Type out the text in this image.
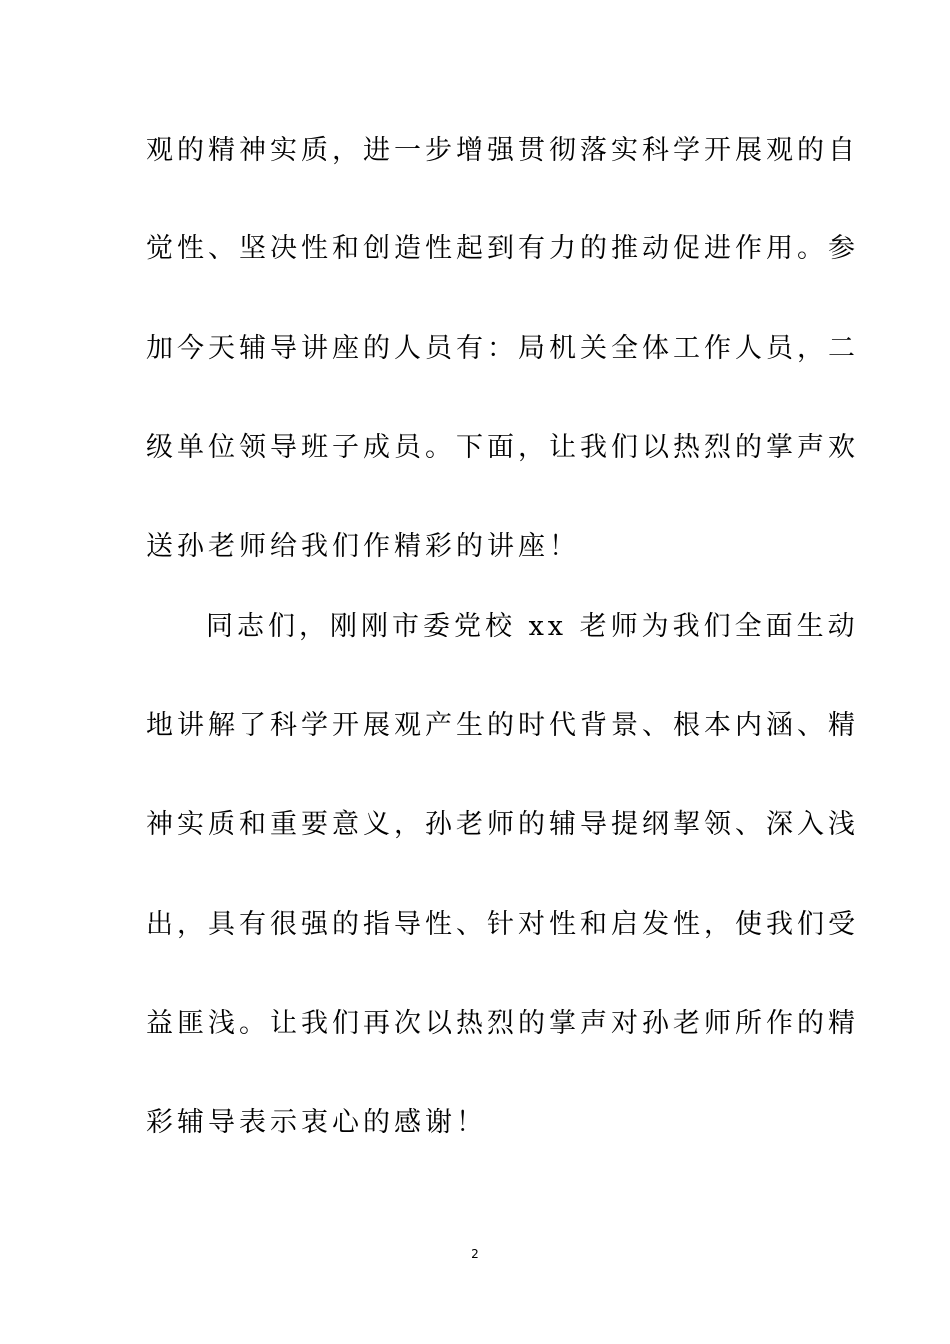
观的精神实质，进一步增强贯彻落实科学开展观的自
觉性、坚决性和创造性起到有力的推动促进作用。参
加今天辅导讲座的人员有：局机关全体工作人员，二
级单位领导班子成员。下面，让我们以热烈的掌声欢
送孙老师给我们作精彩的讲座！
同志们，刚刚市委党校 xx 老师为我们全面生动
地讲解了科学开展观产生的时代背景、根本内涵、精
神实质和重要意义，孙老师的辅导提纲挈领、深入浅
出，具有很强的指导性、针对性和启发性，使我们受
益匪浅。让我们再次以热烈的掌声对孙老师所作的精
彩辅导表示衷心的感谢！
2
